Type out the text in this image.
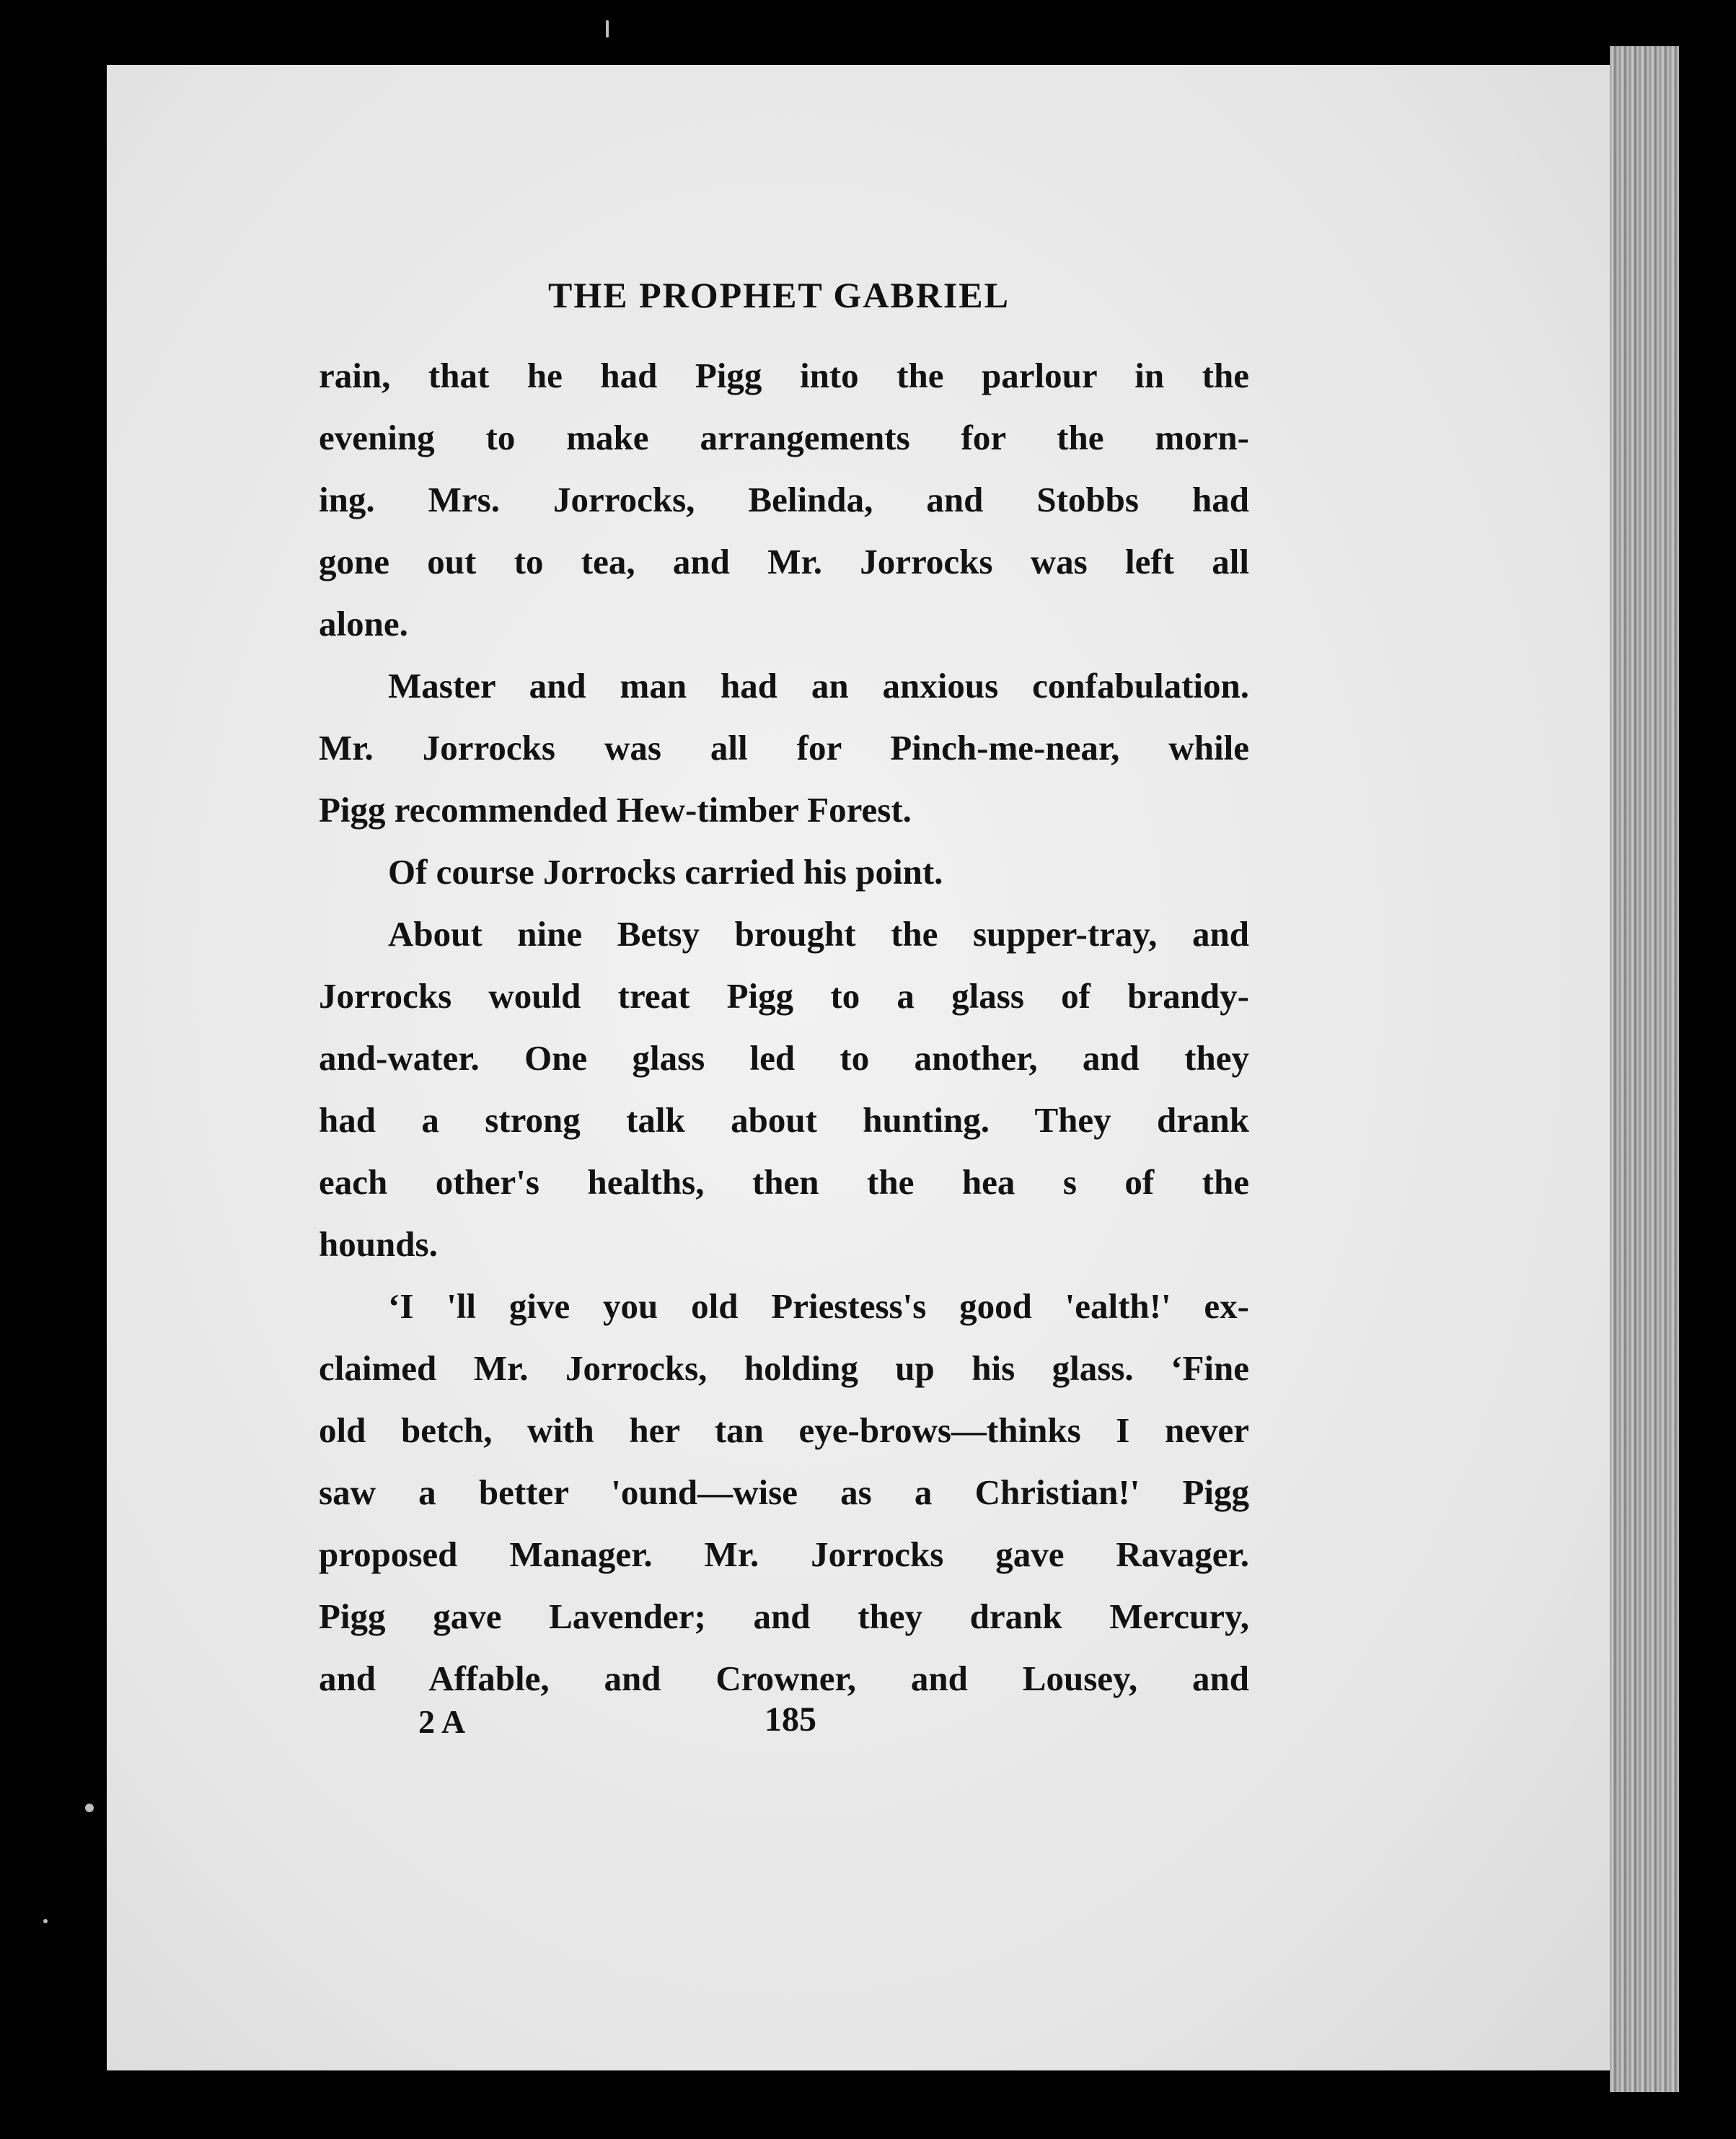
THE PROPHET GABRIEL
rain, that he had Pigg into the parlour in the
evening to make arrangements for the morn-
ing. Mrs. Jorrocks, Belinda, and Stobbs had
gone out to tea, and Mr. Jorrocks was left all
alone.
Master and man had an anxious confabulation.
Mr. Jorrocks was all for Pinch-me-near, while
Pigg recommended Hew-timber Forest.
Of course Jorrocks carried his point.
About nine Betsy brought the supper-tray, and
Jorrocks would treat Pigg to a glass of brandy-
and-water. One glass led to another, and they
had a strong talk about hunting. They drank
each other's healths, then the hea s of the
hounds.
‘I 'll give you old Priestess's good 'ealth!' ex-
claimed Mr. Jorrocks, holding up his glass. ‘Fine
old betch, with her tan eye-brows—thinks I never
saw a better 'ound—wise as a Christian!' Pigg
proposed Manager. Mr. Jorrocks gave Ravager.
Pigg gave Lavender; and they drank Mercury,
and Affable, and Crowner, and Lousey, and
2 A	185
